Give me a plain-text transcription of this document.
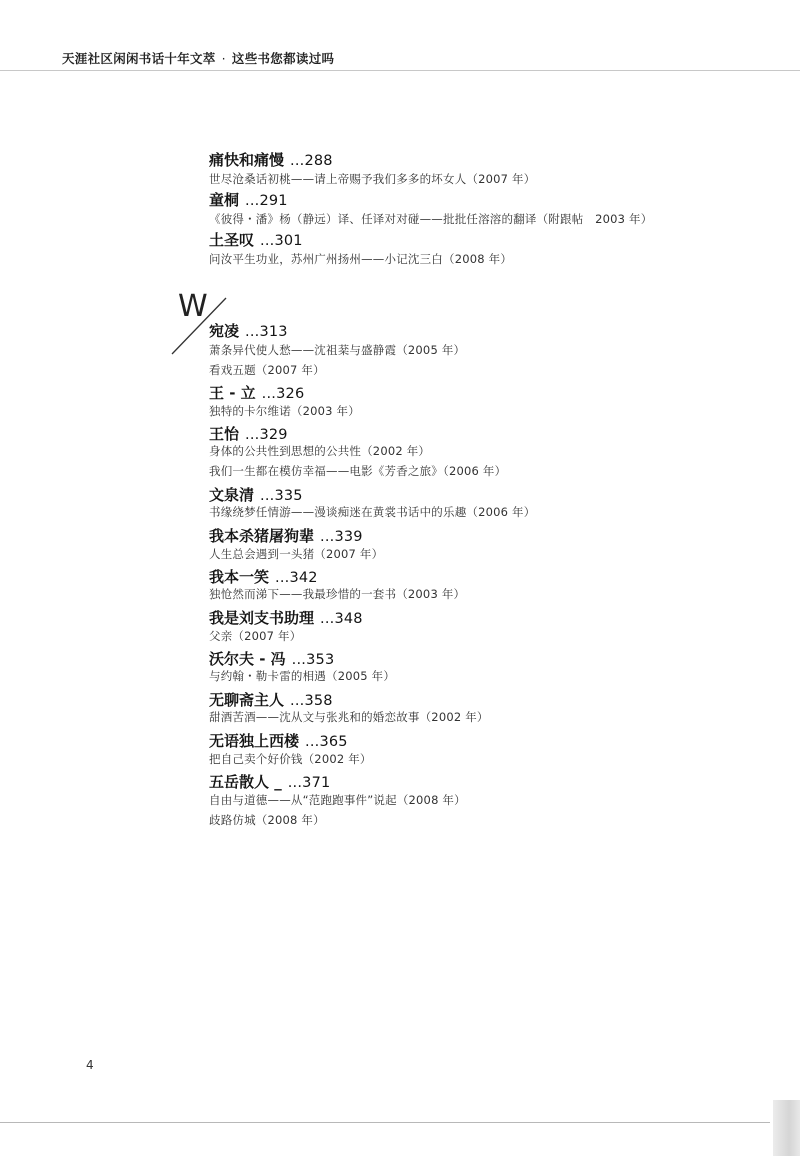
天涯社区闲闲书话十年文萃 · 这些书您都读过吗
W
痛快和痛慢 ...288
世尽沧桑话初桃——请上帝赐予我们多多的坏女人（2007 年）
童桐 ...291
《彼得・潘》杨（静远）译、任译对对碰——批批任溶溶的翻译（附跟帖　2003 年）
土圣叹 ...301
问汝平生功业，苏州广州扬州——小记沈三白（2008 年）
宛凌 ...313
萧条异代使人愁——沈祖棻与盛静霞（2005 年）
看戏五题（2007 年）
王 - 立 ...326
独特的卡尔维诺（2003 年）
王怡 ...329
身体的公共性到思想的公共性（2002 年）
我们一生都在模仿幸福——电影《芳香之旅》（2006 年）
文泉清 ...335
书缘绕梦任情游——漫谈痴迷在黄裳书话中的乐趣（2006 年）
我本杀猪屠狗辈 ...339
人生总会遇到一头猪（2007 年）
我本一笑 ...342
独怆然而涕下——我最珍惜的一套书（2003 年）
我是刘支书助理 ...348
父亲（2007 年）
沃尔夫 - 冯 ...353
与约翰・勒卡雷的相遇（2005 年）
无聊斋主人 ...358
甜酒苦酒——沈从文与张兆和的婚恋故事（2002 年）
无语独上西楼 ...365
把自己卖个好价钱（2002 年）
五岳散人 _ ...371
自由与道德——从“范跑跑事件”说起（2008 年）
歧路仿城（2008 年）
4
